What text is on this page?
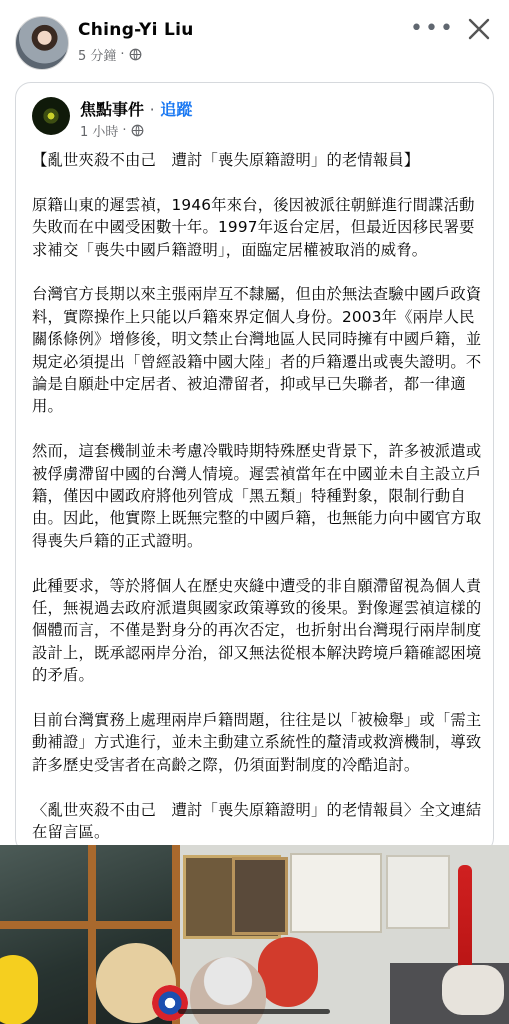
Ching-Yi Liu
5 分鐘 ·
•••
焦點事件 · 追蹤
1 小時 ·

【亂世夾殺不由己　遭討「喪失原籍證明」的老情報員】

原籍山東的遲雲禎，1946年來台，後因被派往朝鮮進行間諜活動失敗而在中國受困數十年。1997年返台定居，但最近因移民署要求補交「喪失中國戶籍證明」，面臨定居權被取消的威脅。

台灣官方長期以來主張兩岸互不隸屬，但由於無法查驗中國戶政資料，實際操作上只能以戶籍來界定個人身份。2003年《兩岸人民關係條例》增修後，明文禁止台灣地區人民同時擁有中國戶籍，並規定必須提出「曾經設籍中國大陸」者的戶籍遷出或喪失證明。不論是自願赴中定居者、被迫滯留者，抑或早已失聯者，都一律適用。

然而，這套機制並未考慮冷戰時期特殊歷史背景下，許多被派遣或被俘虜滯留中國的台灣人情境。遲雲禎當年在中國並未自主設立戶籍，僅因中國政府將他列管成「黑五類」特種對象，限制行動自由。因此，他實際上既無完整的中國戶籍，也無能力向中國官方取得喪失戶籍的正式證明。

此種要求，等於將個人在歷史夾縫中遭受的非自願滯留視為個人責任，無視過去政府派遣與國家政策導致的後果。對像遲雲禎這樣的個體而言，不僅是對身分的再次否定，也折射出台灣現行兩岸制度設計上，既承認兩岸分治，卻又無法從根本解決跨境戶籍確認困境的矛盾。

目前台灣實務上處理兩岸戶籍問題，往往是以「被檢舉」或「需主動補證」方式進行，並未主動建立系統性的釐清或救濟機制，導致許多歷史受害者在高齡之際，仍須面對制度的冷酷追討。

〈亂世夾殺不由己　遭討「喪失原籍證明」的老情報員〉全文連結在留言區。
